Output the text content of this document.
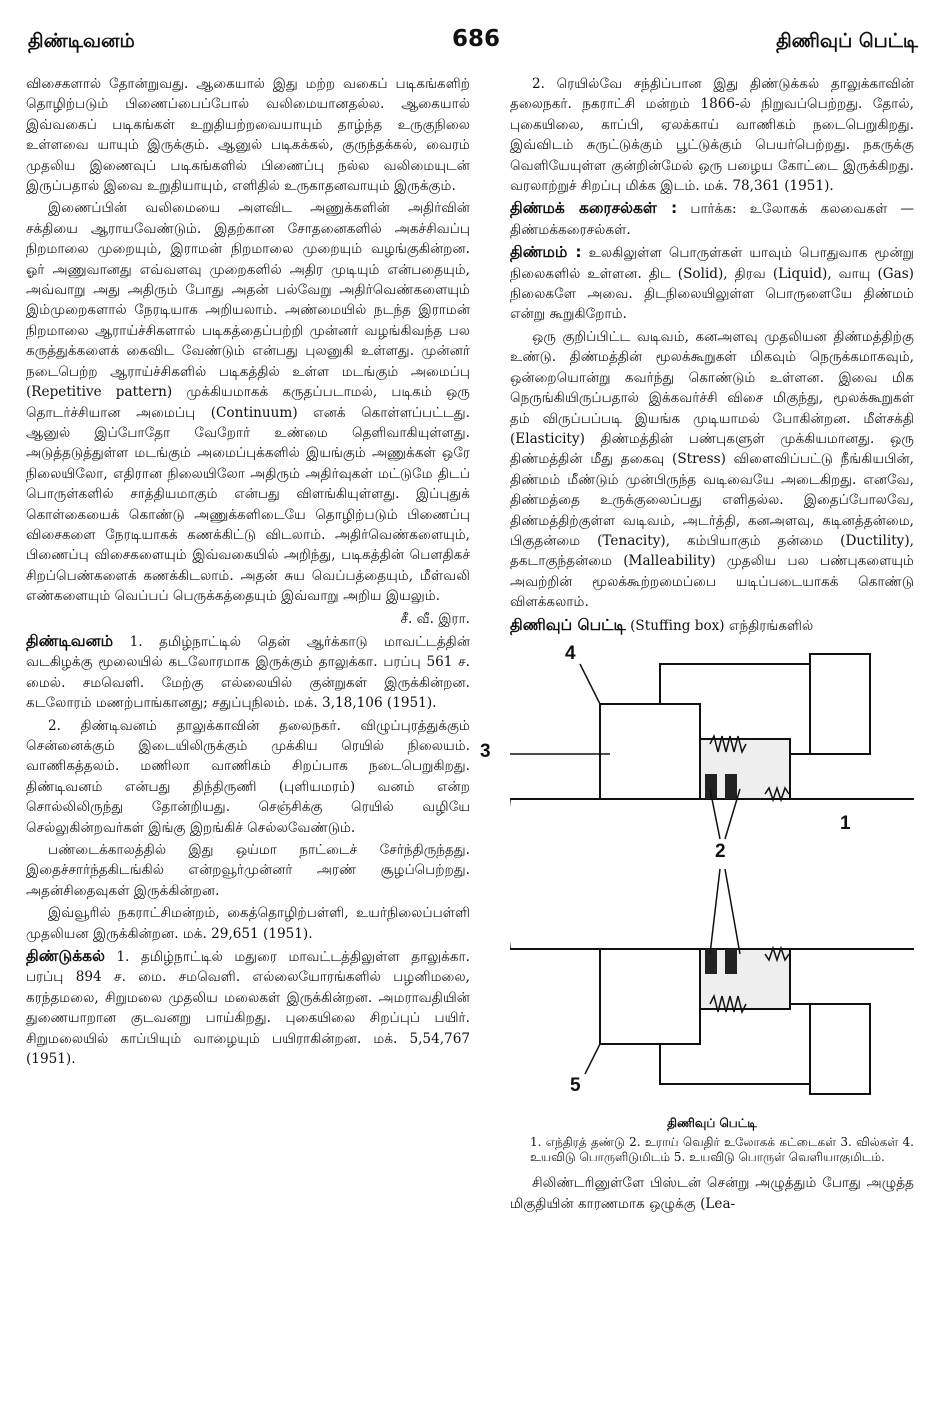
திண்டிவனம்	686	திணிவுப் பெட்டி

விசைகளால் தோன்றுவது. ஆகையால் இது மற்ற வகைப் படிகங்களிற் தொழிற்படும் பிணைப்பைப்போல் வலிமையானதல்ல. ஆகையால் இவ்வகைப் படிகங்கள் உறுதியற்றவையாயும் தாழ்ந்த உருகுநிலை உள்ளவை யாயும் இருக்கும். ஆனுல் படிகக்கல், குருந்தக்கல், வைரம் முதலிய இணைவுப் படிகங்களில் பிணைப்பு நல்ல வலிமையுடன் இருப்பதால் இவை உறுதியாயும், எளிதில் உருகாதனவாயும் இருக்கும்.

இணைப்பின் வலிமையை அளவிட அணுக்களின் அதிர்வின் சக்தியை ஆராயவேண்டும். இதற்கான சோதனைகளில் அகச்சிவப்பு நிறமாலை முறையும், இராமன் நிறமாலை முறையும் வழங்குகின்றன. ஓர் அணுவானது எவ்வளவு முறைகளில் அதிர முடியும் என்பதையும், அவ்வாறு அது அதிரும் போது அதன் பல்வேறு அதிர்வெண்களையும் இம்முறைகளால் நேரடியாக அறியலாம். அண்மையில் நடந்த இராமன் நிறமாலை ஆராய்ச்சிகளால் படிகத்தைப்பற்றி முன்னர் வழங்கிவந்த பல கருத்துக்களைக் கைவிட வேண்டும் என்பது புலனுகி உள்ளது. முன்னர் நடைபெற்ற ஆராய்ச்சிகளில் படிகத்தில் உள்ள மடங்கும் அமைப்பு (Repetitive pattern) முக்கியமாகக் கருதப்படாமல், படிகம் ஒரு தொடர்ச்சியான அமைப்பு (Continuum) எனக் கொள்ளப்பட்டது. ஆனுல் இப்போதோ வேறோர் உண்மை தெளிவாகியுள்ளது. அடுத்தடுத்துள்ள மடங்கும் அமைப்புக்களில் இயங்கும் அணுக்கள் ஒரே நிலையிலோ, எதிரான நிலையிலோ அதிரும் அதிர்வுகள் மட்டுமே திடப் பொருள்களில் சாத்தியமாகும் என்பது விளங்கியுள்ளது. இப்புதுக் கொள்கையைக் கொண்டு அணுக்களிடையே தொழிற்படும் பிணைப்பு விசைகளை நேரடியாகக் கணக்கிட்டு விடலாம். அதிர்வெண்களையும், பிணைப்பு விசைகளையும் இவ்வகையில் அறிந்து, படிகத்தின் பௌதிகச் சிறப்பெண்களைக் கணக்கிடலாம். அதன் சுய வெப்பத்தையும், மீள்வலி எண்களையும் வெப்பப் பெருக்கத்தையும் இவ்வாறு அறிய இயலும்.

சீ. வீ. இரா.

திண்டிவனம் 1. தமிழ்நாட்டில் தென் ஆர்க்காடு மாவட்டத்தின் வடகிழக்கு மூலையில் கடலோரமாக இருக்கும் தாலுக்கா. பரப்பு 561 ச. மைல். சமவெளி. மேற்கு எல்லையில் குன்றுகள் இருக்கின்றன. கடலோரம் மணற்பாங்கானது; சதுப்புநிலம். மக். 3,18,106 (1951).

2. திண்டிவனம் தாலுக்காவின் தலைநகர். விழுப்புரத்துக்கும் சென்னைக்கும் இடையிலிருக்கும் முக்கிய ரெயில் நிலையம். வாணிகத்தலம். மணிலா வாணிகம் சிறப்பாக நடைபெறுகிறது. திண்டிவனம் என்பது திந்திருணி (புளியமரம்) வனம் என்ற சொல்லிலிருந்து தோன்றியது. செஞ்சிக்கு ரெயில் வழியே செல்லுகின்றவர்கள் இங்கு இறங்கிச் செல்லவேண்டும்.

பண்டைக்காலத்தில் இது ஒய்மா நாட்டைச் சேர்ந்திருந்தது. இதைச்சார்ந்தகிடங்கில் என்றவூர்முன்னர் அரண் சூழப்பெற்றது. அதன்சிதைவுகள் இருக்கின்றன.

இவ்வூரில் நகராட்சிமன்றம், கைத்தொழிற்பள்ளி, உயர்நிலைப்பள்ளி முதலியன இருக்கின்றன. மக். 29,651 (1951).

திண்டுக்கல் 1. தமிழ்நாட்டில் மதுரை மாவட்டத்திலுள்ள தாலுக்கா. பரப்பு 894 ச. மை. சமவெளி. எல்லையோரங்களில் பழனிமலை, கரந்தமலை, சிறுமலை முதலிய மலைகள் இருக்கின்றன. அமராவதியின் துணையாறான குடவனறு பாய்கிறது. புகையிலை சிறப்புப் பயிர். சிறுமலையில் காப்பியும் வாழையும் பயிராகின்றன. மக். 5,54,767 (1951).

2. ரெயில்வே சந்திப்பான இது திண்டுக்கல் தாலுக்காவின் தலைநகர். நகராட்சி மன்றம் 1866-ல் நிறுவப்பெற்றது. தோல், புகையிலை, காப்பி, ஏலக்காய் வாணிகம் நடைபெறுகிறது. இவ்விடம் சுருட்டுக்கும் பூட்டுக்கும் பெயர்பெற்றது. நகருக்கு வெளியேயுள்ள குன்றின்மேல் ஒரு பழைய கோட்டை இருக்கிறது. வரலாற்றுச் சிறப்பு மிக்க இடம். மக். 78,361 (1951).

திண்மக் கரைசல்கள் : பார்க்க: உலோகக் கலவைகள் — திண்மக்கரைசல்கள்.

திண்மம் : உலகிலுள்ள பொருள்கள் யாவும் பொதுவாக மூன்று நிலைகளில் உள்ளன. திட (Solid), திரவ (Liquid), வாயு (Gas) நிலைகளே அவை. திடநிலையிலுள்ள பொருளையே திண்மம் என்று கூறுகிறோம்.

ஒரு குறிப்பிட்ட வடிவம், கனஅளவு முதலியன திண்மத்திற்கு உண்டு. திண்மத்தின் மூலக்கூறுகள் மிகவும் நெருக்கமாகவும், ஒன்றையொன்று கவர்ந்து கொண்டும் உள்ளன. இவை மிக நெருங்கியிருப்பதால் இக்கவர்ச்சி விசை மிகுந்து, மூலக்கூறுகள் தம் விருப்பப்படி இயங்க முடியாமல் போகின்றன. மீள்சக்தி (Elasticity) திண்மத்தின் பண்புகளுள் முக்கியமானது. ஒரு திண்மத்தின் மீது தகைவு (Stress) விளைவிப்பட்டு நீங்கியபின், திண்மம் மீண்டும் முன்பிருந்த வடிவையே அடைகிறது. எனவே, திண்மத்தை உருக்குலைப்பது எளிதல்ல. இதைப்போலவே, திண்மத்திற்குள்ள வடிவம், அடர்த்தி, கனஅளவு, கடினத்தன்மை, பிகுதன்மை (Tenacity), கம்பியாகும் தன்மை (Ductility), தகடாகுந்தன்மை (Malleability) முதலிய பல பண்புகளையும் அவற்றின் மூலக்கூற்றமைப்பை யடிப்படையாகக் கொண்டு விளக்கலாம்.

திணிவுப் பெட்டி (Stuffing box) எந்திரங்களில்

1
2
3
4
5
திணிவுப் பெட்டி
1. எந்திரத் தண்டு 2. உராய் வெதிர் உலோகக் கட்டைகள் 3. வில்கள் 4. உயவிடு பொருளிடுமிடம் 5. உயவிடு பொருள் வெளியாகுமிடம்.

சிலிண்டரினுள்ளே பிஸ்டன் சென்று அழுத்தும் போது அழுத்த மிகுதியின் காரணமாக ஒழுக்கு (Lea-
